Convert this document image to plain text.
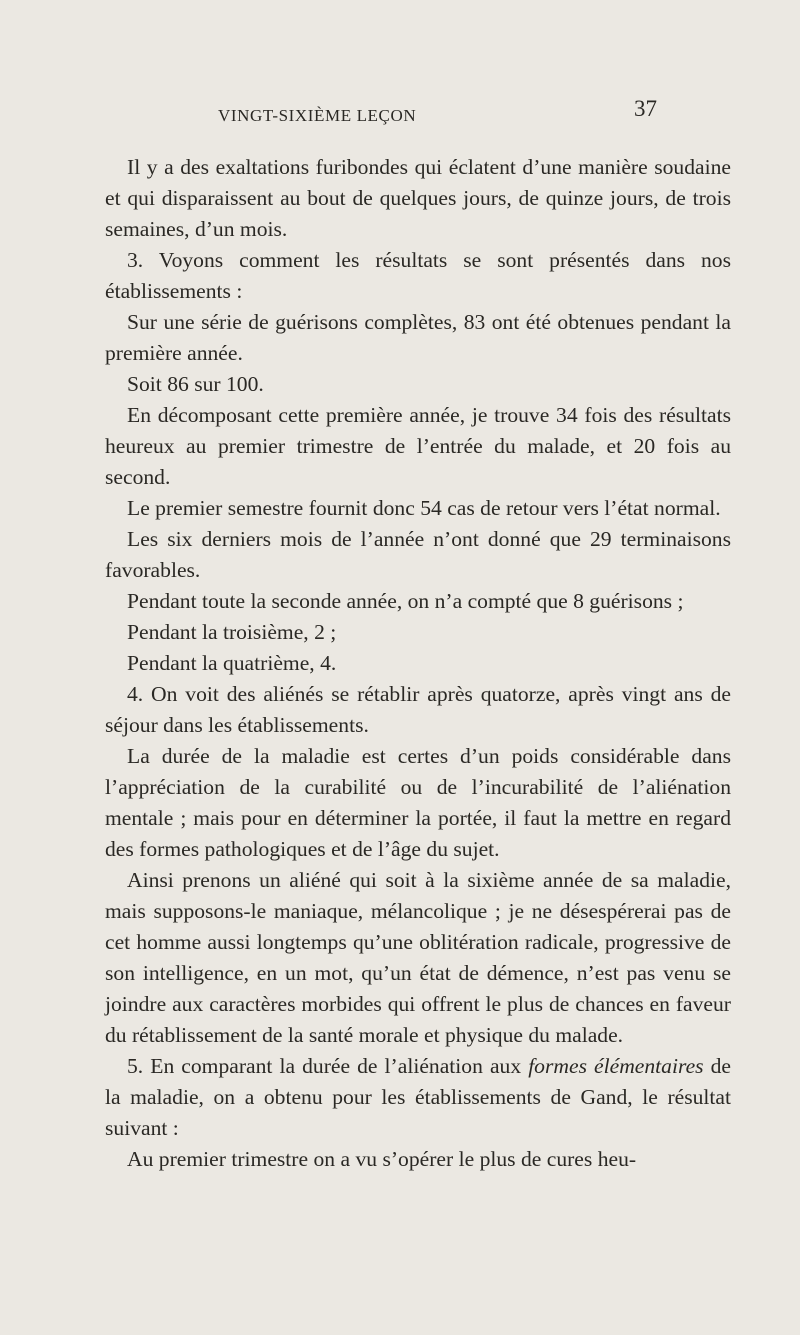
VINGT-SIXIÈME LEÇON	37

Il y a des exaltations furibondes qui éclatent d’une manière soudaine et qui disparaissent au bout de quelques jours, de quinze jours, de trois semaines, d’un mois.

3. Voyons comment les résultats se sont présentés dans nos établissements :

Sur une série de guérisons complètes, 83 ont été obtenues pendant la première année.

Soit 86 sur 100.

En décomposant cette première année, je trouve 34 fois des résultats heureux au premier trimestre de l’entrée du malade, et 20 fois au second.

Le premier semestre fournit donc 54 cas de retour vers l’état normal.

Les six derniers mois de l’année n’ont donné que 29 terminaisons favorables.

Pendant toute la seconde année, on n’a compté que 8 guérisons ;

Pendant la troisième, 2 ;

Pendant la quatrième, 4.

4. On voit des aliénés se rétablir après quatorze, après vingt ans de séjour dans les établissements.

La durée de la maladie est certes d’un poids considérable dans l’appréciation de la curabilité ou de l’incurabilité de l’aliénation mentale ; mais pour en déterminer la portée, il faut la mettre en regard des formes pathologiques et de l’âge du sujet.

Ainsi prenons un aliéné qui soit à la sixième année de sa maladie, mais supposons-le maniaque, mélancolique ; je ne désespérerai pas de cet homme aussi longtemps qu’une oblitération radicale, progressive de son intelligence, en un mot, qu’un état de démence, n’est pas venu se joindre aux caractères morbides qui offrent le plus de chances en faveur du rétablissement de la santé morale et physique du malade.

5. En comparant la durée de l’aliénation aux formes élémentaires de la maladie, on a obtenu pour les établissements de Gand, le résultat suivant :

Au premier trimestre on a vu s’opérer le plus de cures heu-
